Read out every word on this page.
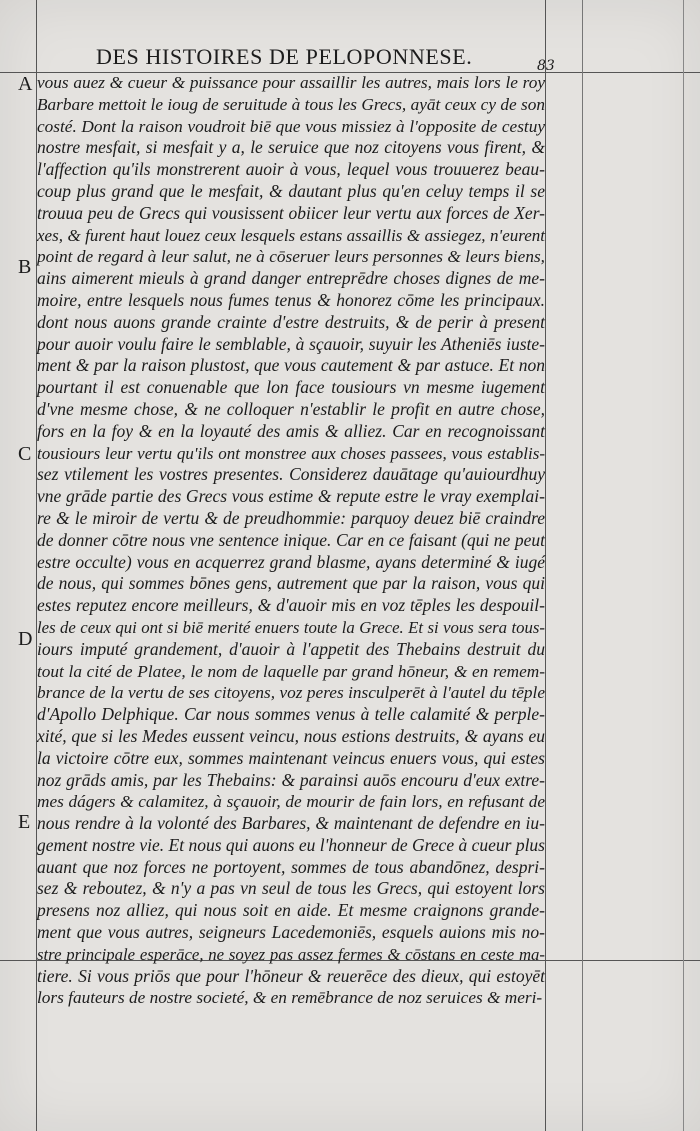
DES HISTOIRES DE PELOPONNESE.	83
A
B
C
D
E
vous auez & cueur & puissance pour assaillir les autres, mais lors le roy
Barbare mettoit le ioug de seruitude à tous les Grecs, ayāt ceux cy de son
costé. Dont la raison voudroit biē que vous missiez à l'opposite de cestuy
nostre mesfait, si mesfait y a, le seruice que noz citoyens vous firent, &
l'affection qu'ils monstrerent auoir à vous, lequel vous trouuerez beau-
coup plus grand que le mesfait, & dautant plus qu'en celuy temps il se
trouua peu de Grecs qui vousissent obiicer leur vertu aux forces de Xer-
xes, & furent haut louez ceux lesquels estans assaillis & assiegez, n'eurent
point de regard à leur salut, ne à cōseruer leurs personnes & leurs biens,
ains aimerent mieuls à grand danger entreprēdre choses dignes de me-
moire, entre lesquels nous fumes tenus & honorez cōme les principaux.
dont nous auons grande crainte d'estre destruits, & de perir à present
pour auoir voulu faire le semblable, à sçauoir, suyuir les Atheniēs iuste-
ment & par la raison plustost, que vous cautement & par astuce. Et non
pourtant il est conuenable que lon face tousiours vn mesme iugement
d'vne mesme chose, & ne colloquer n'establir le profit en autre chose,
fors en la foy & en la loyauté des amis & alliez. Car en recognoissant
tousiours leur vertu qu'ils ont monstree aux choses passees, vous establis-
sez vtilement les vostres presentes. Considerez dauātage qu'auiourdhuy
vne grāde partie des Grecs vous estime & repute estre le vray exemplai-
re & le miroir de vertu & de preudhommie: parquoy deuez biē craindre
de donner cōtre nous vne sentence inique. Car en ce faisant (qui ne peut
estre occulte) vous en acquerrez grand blasme, ayans determiné & iugé
de nous, qui sommes bōnes gens, autrement que par la raison, vous qui
estes reputez encore meilleurs, & d'auoir mis en voz tēples les despouil-
les de ceux qui ont si biē merité enuers toute la Grece. Et si vous sera tous-
iours imputé grandement, d'auoir à l'appetit des Thebains destruit du
tout la cité de Platee, le nom de laquelle par grand hōneur, & en remem-
brance de la vertu de ses citoyens, voz peres insculperēt à l'autel du tēple
d'Apollo Delphique. Car nous sommes venus à telle calamité & perple-
xité, que si les Medes eussent veincu, nous estions destruits, & ayans eu
la victoire cōtre eux, sommes maintenant veincus enuers vous, qui estes
noz grāds amis, par les Thebains: & parainsi auōs encouru d'eux extre-
mes dágers & calamitez, à sçauoir, de mourir de fain lors, en refusant de
nous rendre à la volonté des Barbares, & maintenant de defendre en iu-
gement nostre vie. Et nous qui auons eu l'honneur de Grece à cueur plus
auant que noz forces ne portoyent, sommes de tous abandōnez, despri-
sez & reboutez, & n'y a pas vn seul de tous les Grecs, qui estoyent lors
presens noz alliez, qui nous soit en aide. Et mesme craignons grande-
ment que vous autres, seigneurs Lacedemoniēs, esquels auions mis no-
stre principale esperāce, ne soyez pas assez fermes & cōstans en ceste ma-
tiere. Si vous priōs que pour l'hōneur & reuerēce des dieux, qui estoyēt
lors fauteurs de nostre societé, & en remēbrance de noz seruices & meri-
